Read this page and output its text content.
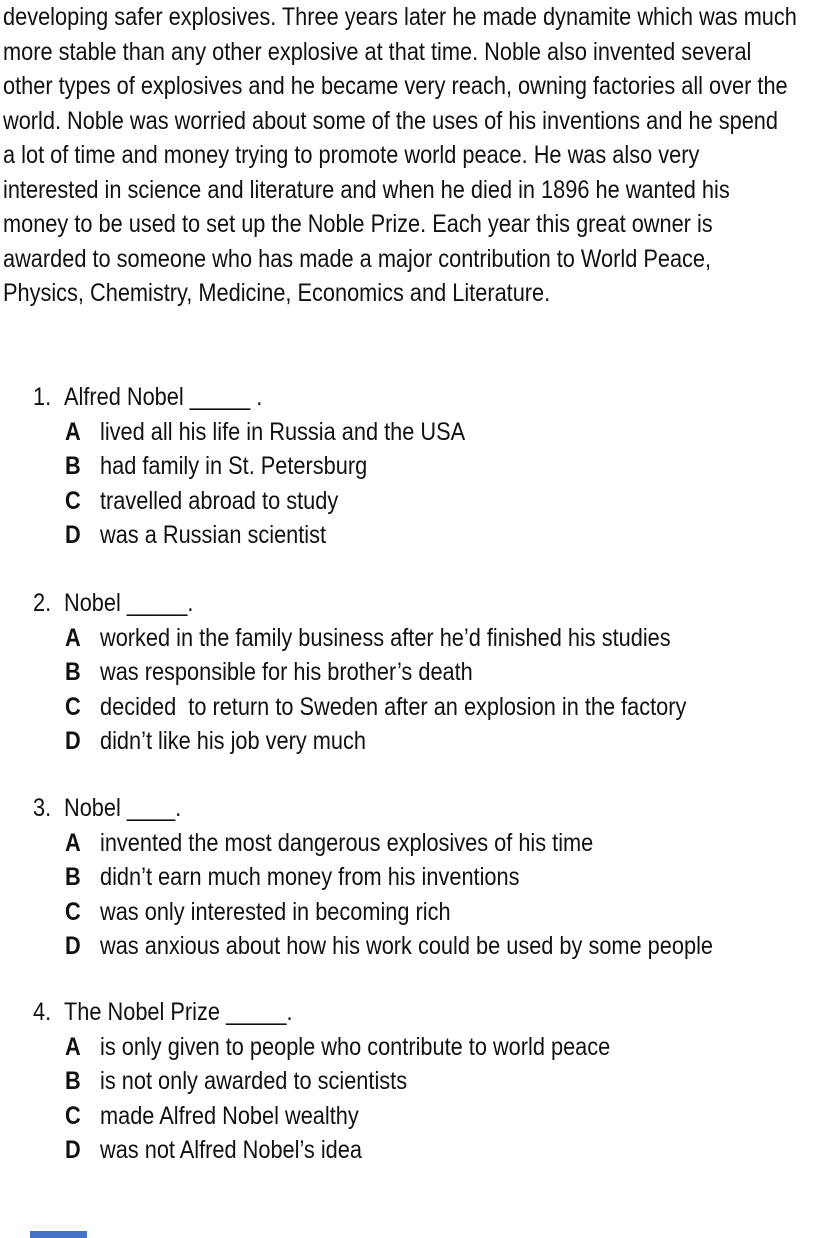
developing safer explosives. Three years later he made dynamite which was much
more stable than any other explosive at that time. Noble also invented several
other types of explosives and he became very reach, owning factories all over the
world. Noble was worried about some of the uses of his inventions and he spend
a lot of time and money trying to promote world peace. He was also very
interested in science and literature and when he died in 1896 he wanted his
money to be used to set up the Noble Prize. Each year this great owner is
awarded to someone who has made a major contribution to World Peace,
Physics, Chemistry, Medicine, Economics and Literature.
1. Alfred Nobel _____ .
A lived all his life in Russia and the USA
B had family in St. Petersburg
C travelled abroad to study
D was a Russian scientist
2. Nobel _____.
A worked in the family business after he’d finished his studies
B was responsible for his brother’s death
C decided  to return to Sweden after an explosion in the factory
D didn’t like his job very much
3. Nobel ____.
A invented the most dangerous explosives of his time
B didn’t earn much money from his inventions
C was only interested in becoming rich
D was anxious about how his work could be used by some people
4. The Nobel Prize _____.
A is only given to people who contribute to world peace
B is not only awarded to scientists
C made Alfred Nobel wealthy
D was not Alfred Nobel’s idea
